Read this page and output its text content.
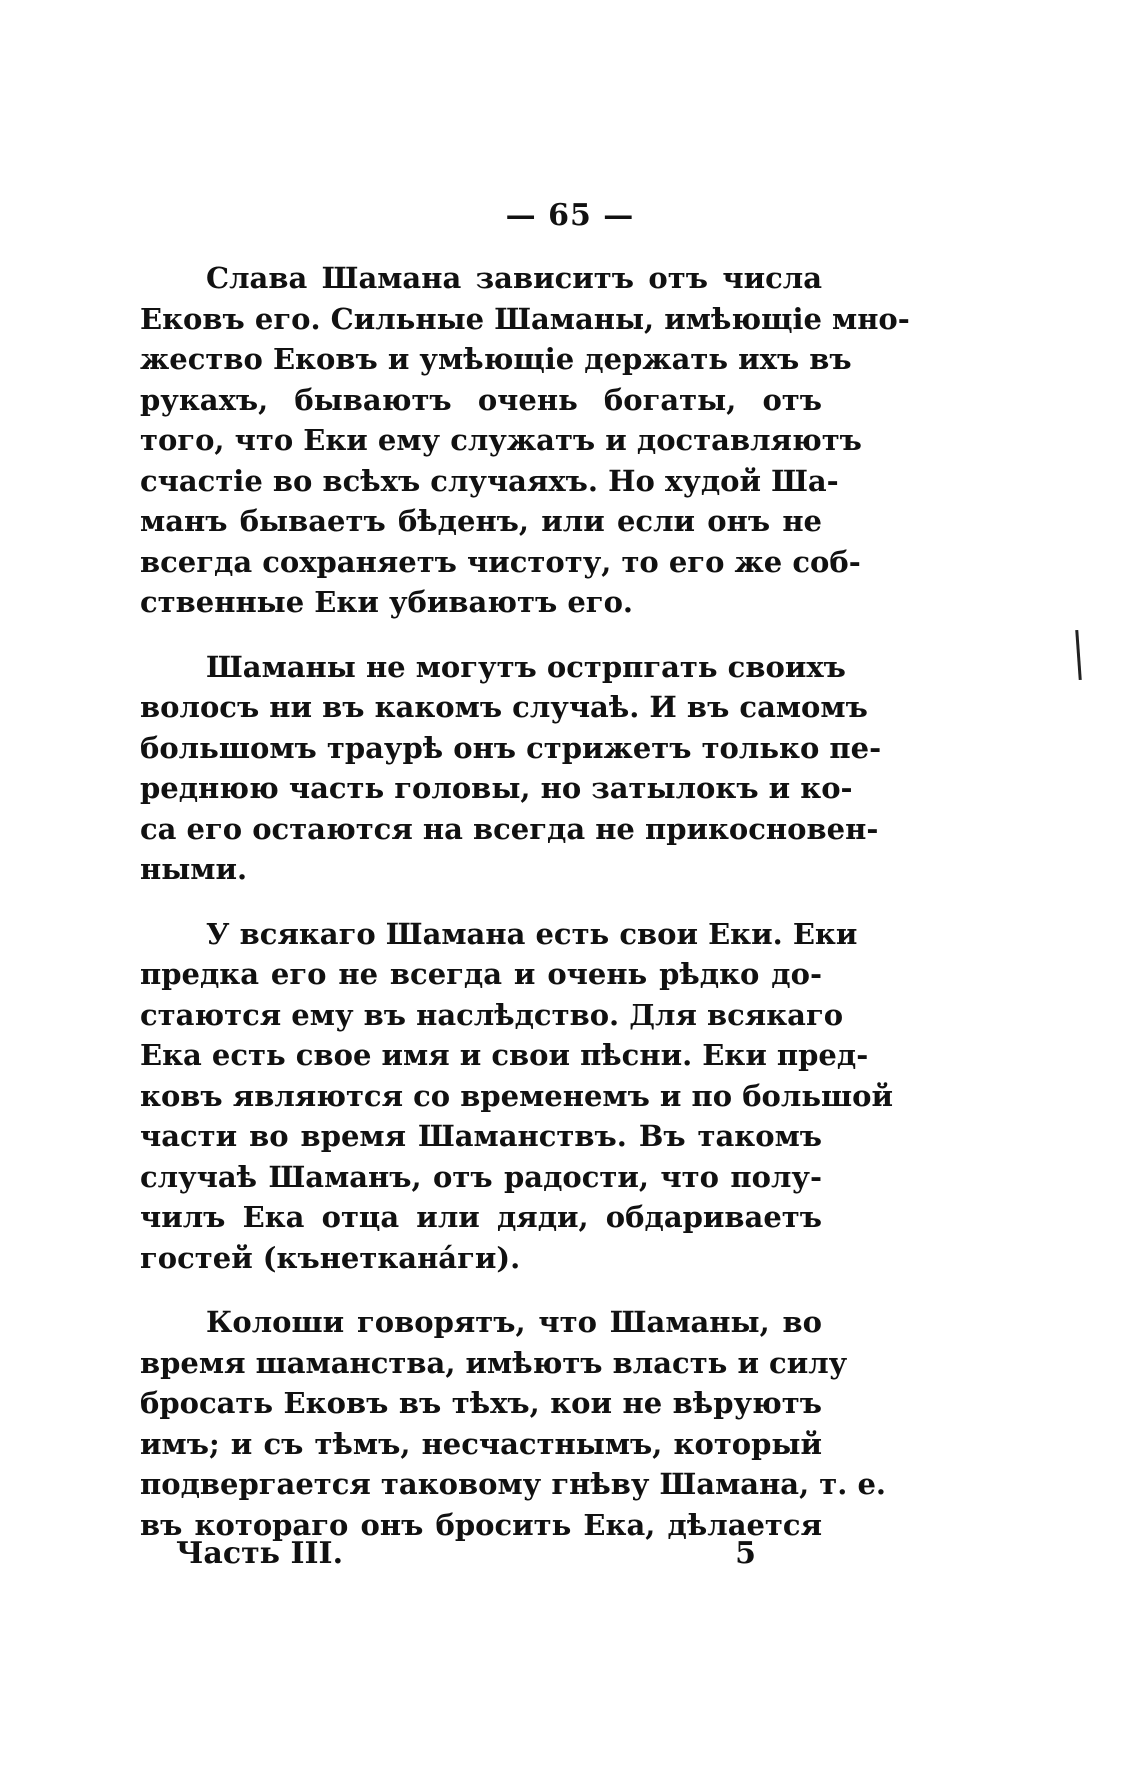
— 65 —

Слава Шамана зависитъ отъ числа
Ековъ его. Сильные Шаманы, имѣющіе мно-
жество Ековъ и умѣющіе держать ихъ въ
рукахъ, бываютъ очень богаты, отъ
того, что Еки ему служатъ и доставляютъ
счастіе во всѣхъ случаяхъ. Но худой Ша-
манъ бываетъ бѣденъ, или если онъ не
всегда сохраняетъ чистоту, то его же соб-
ственные Еки убиваютъ его.

Шаманы не могутъ острпгать своихъ
волосъ ни въ какомъ случаѣ. И въ самомъ
большомъ трaурѣ онъ стрижетъ только пе-
реднюю часть головы, но затылокъ и ко-
са его остаются на всегда не прикосновен-
ными.

У всякаго Шамана есть свои Еки. Еки
предка его не всегда и очень рѣдко до-
стаются ему въ наслѣдство. Для всякаго
Ека есть свое имя и свои пѣсни. Еки пред-
ковъ являются со временемъ и по большой
части во время Шаманствъ. Въ такомъ
случаѣ Шаманъ, отъ радости, что полу-
чилъ Ека отца или дяди, обдариваетъ
гостей (кънеткана́ги).

Колоши говорятъ, что Шаманы, во
время шаманства, имѣютъ власть и силу
бросать Ековъ въ тѣхъ, кои не вѣруютъ
имъ; и съ тѣмъ, несчастнымъ, который
подвергается таковому гнѣву Шамана, т. е.
въ котораго онъ бросить Ека, дѣлается

Часть III.	5
